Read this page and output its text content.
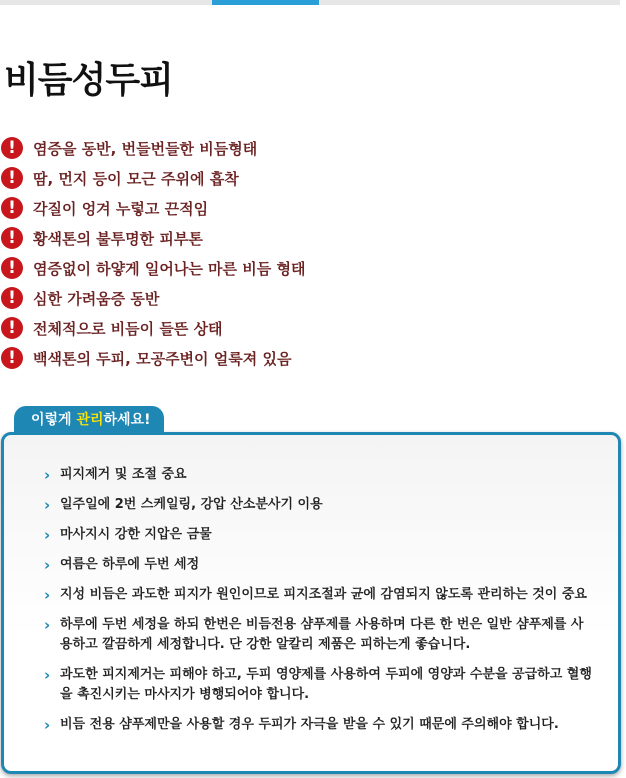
비듬성두피
!	염증을 동반, 번들번들한 비듬형태
!	땀, 먼지 등이 모근 주위에 흡착
!	각질이 엉겨 누렇고 끈적임
!	황색톤의 불투명한 피부톤
!	염증없이 하얗게 일어나는 마른 비듬 형태
!	심한 가려움증 동반
!	전체적으로 비듬이 들뜬 상태
!	백색톤의 두피, 모공주변이 얼룩져 있음
› 피지제거 및 조절 중요
› 일주일에 2번 스케일링, 강압 산소분사기 이용
› 마사지시 강한 지압은 금물
› 여름은 하루에 두번 세정
› 지성 비듬은 과도한 피지가 원인이므로 피지조절과 균에 감염되지 않도록 관리하는 것이 중요
› 하루에 두번 세정을 하되 한번은 비듬전용 샴푸제를 사용하며 다른 한 번은 일반 샴푸제를 사용하고 깔끔하게 세정합니다. 단 강한 알칼리 제품은 피하는게 좋습니다.
› 과도한 피지제거는 피해야 하고, 두피 영양제를 사용하여 두피에 영양과 수분을 공급하고 혈행을 촉진시키는 마사지가 병행되어야 합니다.
› 비듬 전용 샴푸제만을 사용할 경우 두피가 자극을 받을 수 있기 때문에 주의해야 합니다.
이렇게 관리하세요!
